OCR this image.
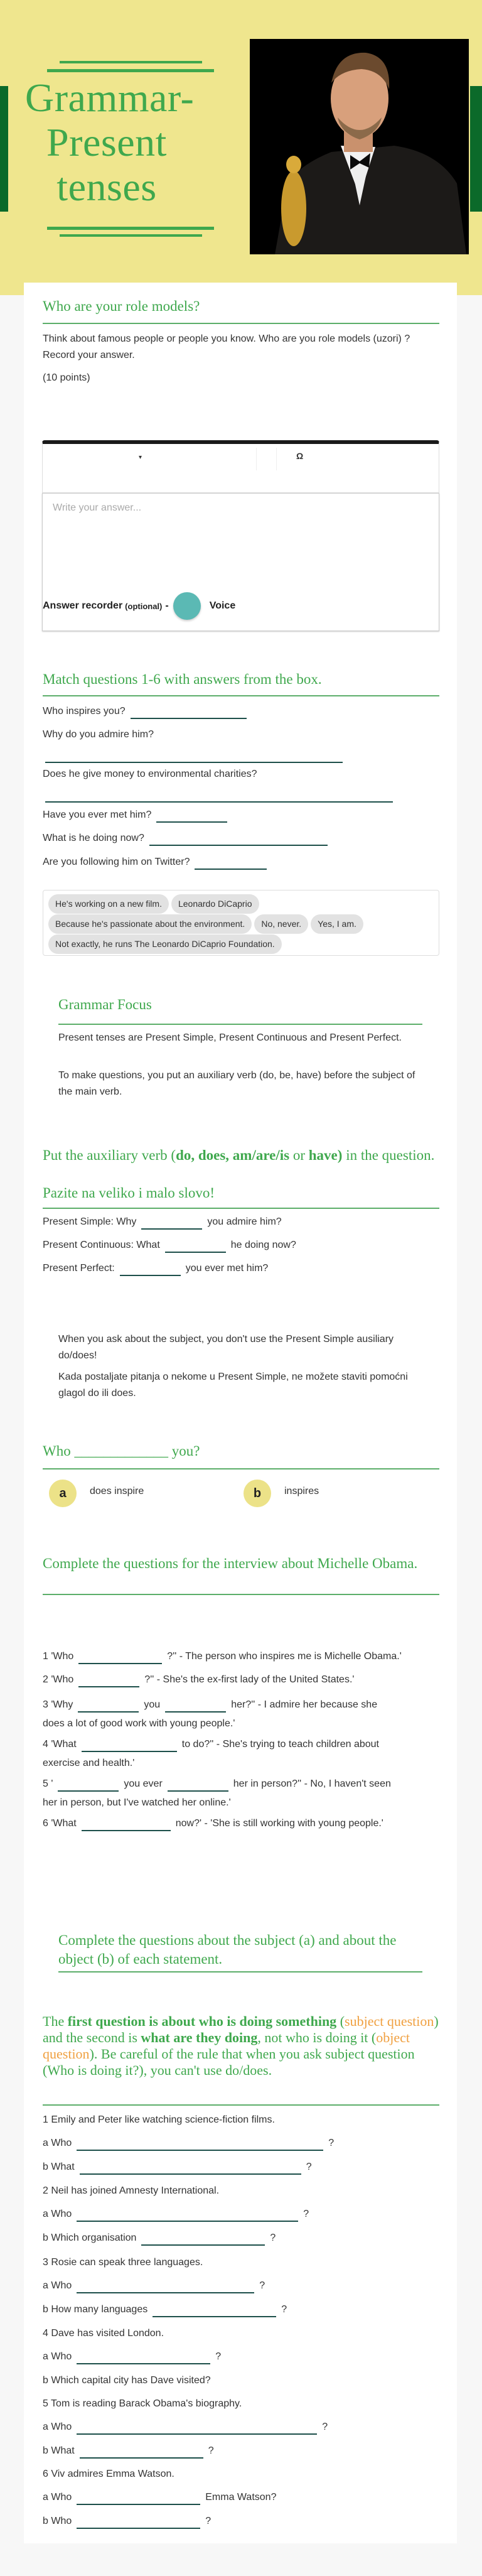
Grammar-
Present
tenses
Who are your role models?
Think about famous people or people you know. Who are you role models (uzori) ? Record your answer.
(10 points)
▾	Ω
Write your answer...
Answer recorder (optional) -	Voice
Match questions 1-6 with answers from the box.
Who inspires you?
Why do you admire him?
Does he give money to environmental charities?
Have you ever met him?
What is he doing now?
Are you following him on Twitter?
He's working on a new film. Leonardo DiCaprio
Because he's passionate about the environment. No, never. Yes, I am.
Not exactly, he runs The Leonardo DiCaprio Foundation.
Grammar Focus
Present tenses are Present Simple, Present Continuous and Present Perfect.
To make questions, you put an auxiliary verb (do, be, have) before the subject of the main verb.
Put the auxiliary verb (do, does, am/are/is or have) in the question.
Pazite na veliko i malo slovo!
Present Simple: Why	you admire him?
Present Continuous: What	he doing now?
Present Perfect:	you ever met him?
When you ask about the subject, you don't use the Present Simple ausiliary do/does!
Kada postaljate pitanja o nekome u Present Simple, ne možete staviti pomoćni glagol do ili does.
Who _____________ you?
a	does inspire	b	inspires
Complete the questions for the interview about Michelle Obama.
1 'Who	?'' - The person who inspires me is Michelle Obama.'
2 'Who	?'' - She's the ex-first lady of the United States.'
3 'Why	you	her?'' - I admire her because she
does a lot of good work with young people.'
4 'What	to do?'' - She's trying to teach children about
exercise and health.'
5 '	you ever	her in person?'' - No, I haven't seen
her in person, but I've watched her online.'
6 'What	now?' - 'She is still working with young people.'
Complete the questions about the subject (a) and about the object (b) of each statement.
The first question is about who is doing something (subject question) and the second is what are they doing, not who is doing it (object question). Be careful of the rule that when you ask subject question (Who is doing it?), you can't use do/does.
1 Emily and Peter like watching science-fiction films.
a Who	?
b What	?
2 Neil has joined Amnesty International.
a Who	?
b Which organisation	?
3 Rosie can speak three languages.
a Who	?
b How many languages	?
4 Dave has visited London.
a Who	?
b Which capital city has Dave visited?
5 Tom is reading Barack Obama's biography.
a Who	?
b What	?
6 Viv admires Emma Watson.
a Who	Emma Watson?
b Who	?
